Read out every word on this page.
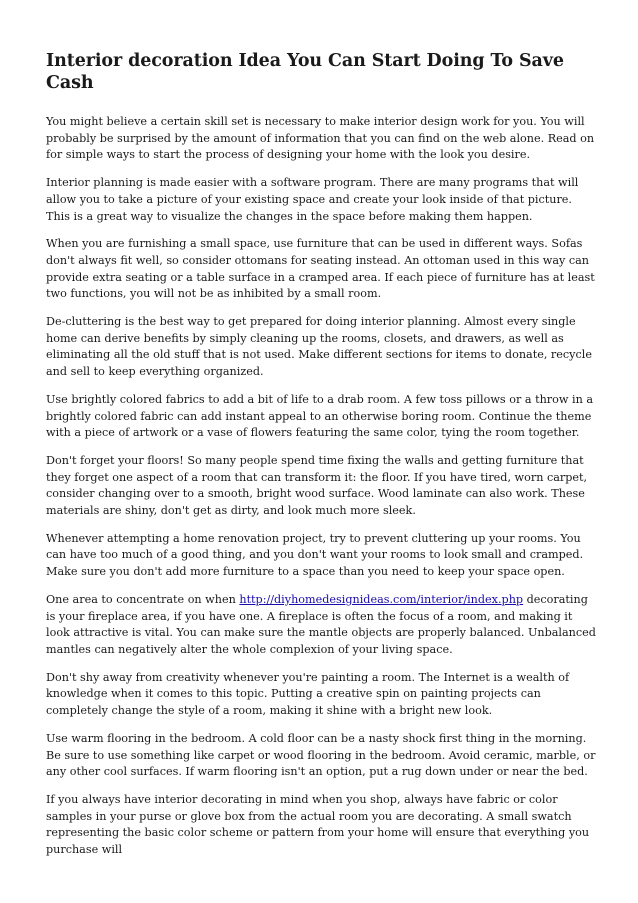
Interior decoration Idea You Can Start Doing To Save Cash

You might believe a certain skill set is necessary to make interior design work for you. You will probably be surprised by the amount of information that you can find on the web alone. Read on for simple ways to start the process of designing your home with the look you desire.

Interior planning is made easier with a software program. There are many programs that will allow you to take a picture of your existing space and create your look inside of that picture. This is a great way to visualize the changes in the space before making them happen.

When you are furnishing a small space, use furniture that can be used in different ways. Sofas don't always fit well, so consider ottomans for seating instead. An ottoman used in this way can provide extra seating or a table surface in a cramped area. If each piece of furniture has at least two functions, you will not be as inhibited by a small room.

De-cluttering is the best way to get prepared for doing interior planning. Almost every single home can derive benefits by simply cleaning up the rooms, closets, and drawers, as well as eliminating all the old stuff that is not used. Make different sections for items to donate, recycle and sell to keep everything organized.

Use brightly colored fabrics to add a bit of life to a drab room. A few toss pillows or a throw in a brightly colored fabric can add instant appeal to an otherwise boring room. Continue the theme with a piece of artwork or a vase of flowers featuring the same color, tying the room together.

Don't forget your floors! So many people spend time fixing the walls and getting furniture that they forget one aspect of a room that can transform it: the floor. If you have tired, worn carpet, consider changing over to a smooth, bright wood surface. Wood laminate can also work. These materials are shiny, don't get as dirty, and look much more sleek.

Whenever attempting a home renovation project, try to prevent cluttering up your rooms. You can have too much of a good thing, and you don't want your rooms to look small and cramped. Make sure you don't add more furniture to a space than you need to keep your space open.

One area to concentrate on when http://diyhomedesignideas.com/interior/index.php decorating is your fireplace area, if you have one. A fireplace is often the focus of a room, and making it look attractive is vital. You can make sure the mantle objects are properly balanced. Unbalanced mantles can negatively alter the whole complexion of your living space.

Don't shy away from creativity whenever you're painting a room. The Internet is a wealth of knowledge when it comes to this topic. Putting a creative spin on painting projects can completely change the style of a room, making it shine with a bright new look.

Use warm flooring in the bedroom. A cold floor can be a nasty shock first thing in the morning. Be sure to use something like carpet or wood flooring in the bedroom. Avoid ceramic, marble, or any other cool surfaces. If warm flooring isn't an option, put a rug down under or near the bed.

If you always have interior decorating in mind when you shop, always have fabric or color samples in your purse or glove box from the actual room you are decorating. A small swatch representing the basic color scheme or pattern from your home will ensure that everything you purchase will
